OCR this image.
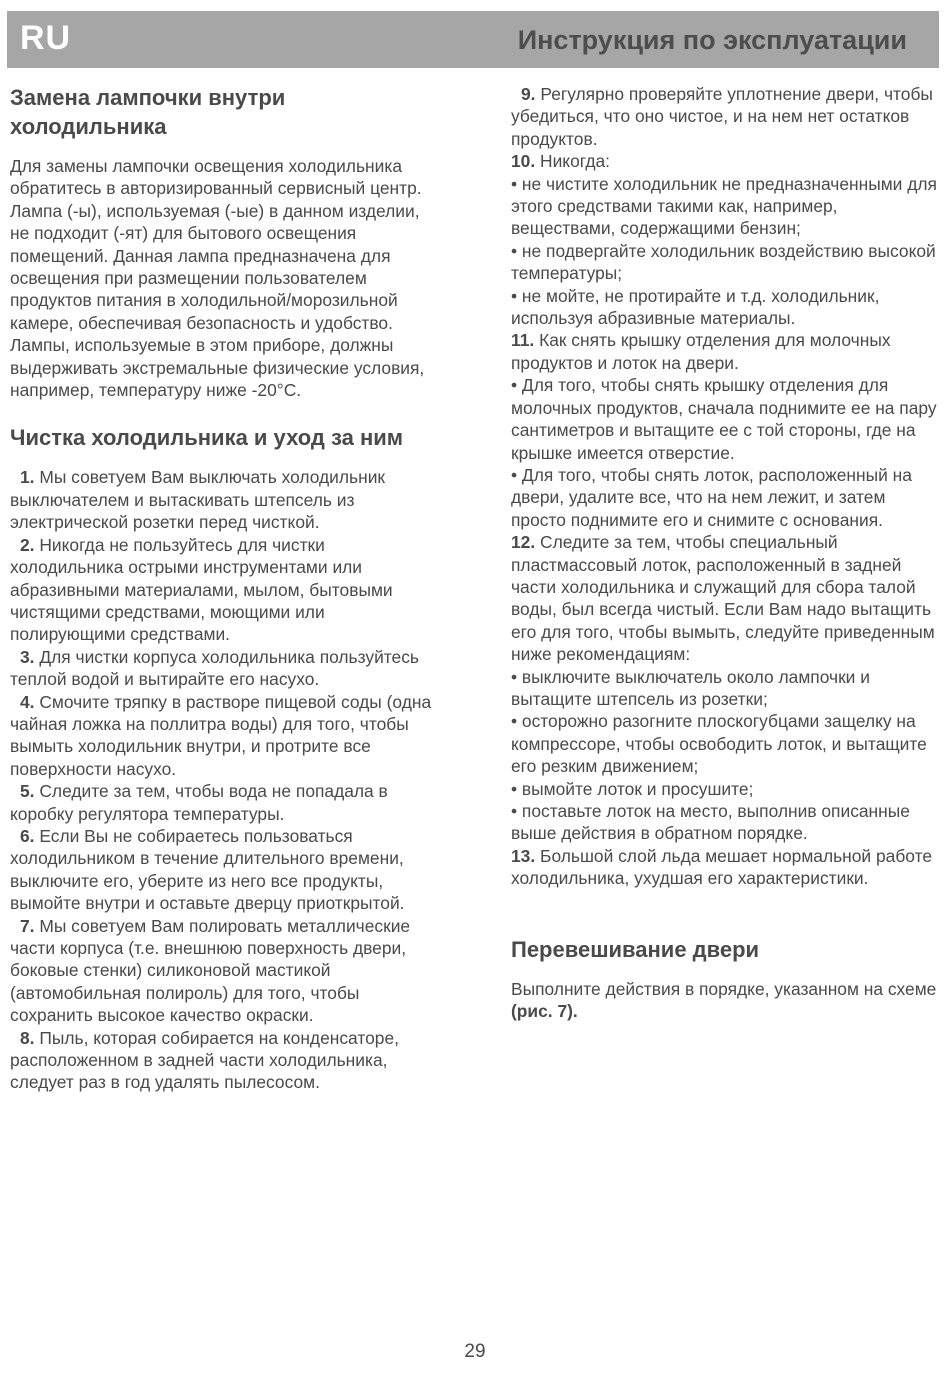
RU	Инструкция по эксплуатации

Замена лампочки внутри холодильника

Для замены лампочки освещения холодильника обратитесь в авторизированный сервисный центр. Лампа (-ы), используемая (-ые) в данном изделии, не подходит (-ят) для бытового освещения помещений. Данная лампа предназначена для освещения при размещении пользователем продуктов питания в холодильной/морозильной камере, обеспечивая безопасность и удобство. Лампы, используемые в этом приборе, должны выдерживать экстремальные физические условия, например, температуру ниже -20°C.

Чистка холодильника и уход за ним

1. Мы советуем Вам выключать холодильник выключателем и вытаскивать штепсель из электрической розетки перед чисткой.

2. Никогда не пользуйтесь для чистки холодильника острыми инструментами или абразивными материалами, мылом, бытовыми чистящими средствами, моющими или полирующими средствами.

3. Для чистки корпуса холодильника пользуйтесь теплой водой и вытирайте его насухо.

4. Смочите тряпку в растворе пищевой соды (одна чайная ложка на поллитра воды) для того, чтобы вымыть холодильник внутри, и протрите все поверхности насухо.

5. Следите за тем, чтобы вода не попадала в коробку регулятора температуры.

6. Если Вы не собираетесь пользоваться холодильником в течение длительного времени, выключите его, уберите из него все продукты, вымойте внутри и оставьте дверцу приоткрытой.

7. Мы советуем Вам полировать металлические части корпуса (т.е. внешнюю поверхность двери, боковые стенки) силиконовой мастикой (автомобильная полироль) для того, чтобы сохранить высокое качество окраски.

8. Пыль, которая собирается на конденсаторе, расположенном в задней части холодильника, следует раз в год удалять пылесосом.

9. Регулярно проверяйте уплотнение двери, чтобы убедиться, что оно чистое, и на нем нет остатков продуктов.

10. Никогда:

• не чистите холодильник не предназначенными для этого средствами такими как, например, веществами, содержащими бензин;

• не подвергайте холодильник воздействию высокой температуры;

• не мойте, не протирайте и т.д. холодильник, используя абразивные материалы.

11. Как снять крышку отделения для молочных продуктов и лоток на двери.

• Для того, чтобы снять крышку отделения для молочных продуктов, сначала поднимите ее на пару сантиметров и вытащите ее с той стороны, где на крышке имеется отверстие.

• Для того, чтобы снять лоток, расположенный на двери, удалите все, что на нем лежит, и затем просто поднимите его и снимите с основания.

12. Следите за тем, чтобы специальный пластмассовый лоток, расположенный в задней части холодильника и служащий для сбора талой воды, был всегда чистый. Если Вам надо вытащить его для того, чтобы вымыть, следуйте приведенным ниже рекомендациям:

• выключите выключатель около лампочки и вытащите штепсель из розетки;

• осторожно разогните плоскогубцами защелку на компрессоре, чтобы освободить лоток, и вытащите его резким движением;

• вымойте лоток и просушите;

• поставьте лоток на место, выполнив описанные выше действия в обратном порядке.

13. Большой слой льда мешает нормальной работе холодильника, ухудшая его характеристики.

Перевешивание двери

Выполните действия в порядке, указанном на схеме (рис. 7).

29
